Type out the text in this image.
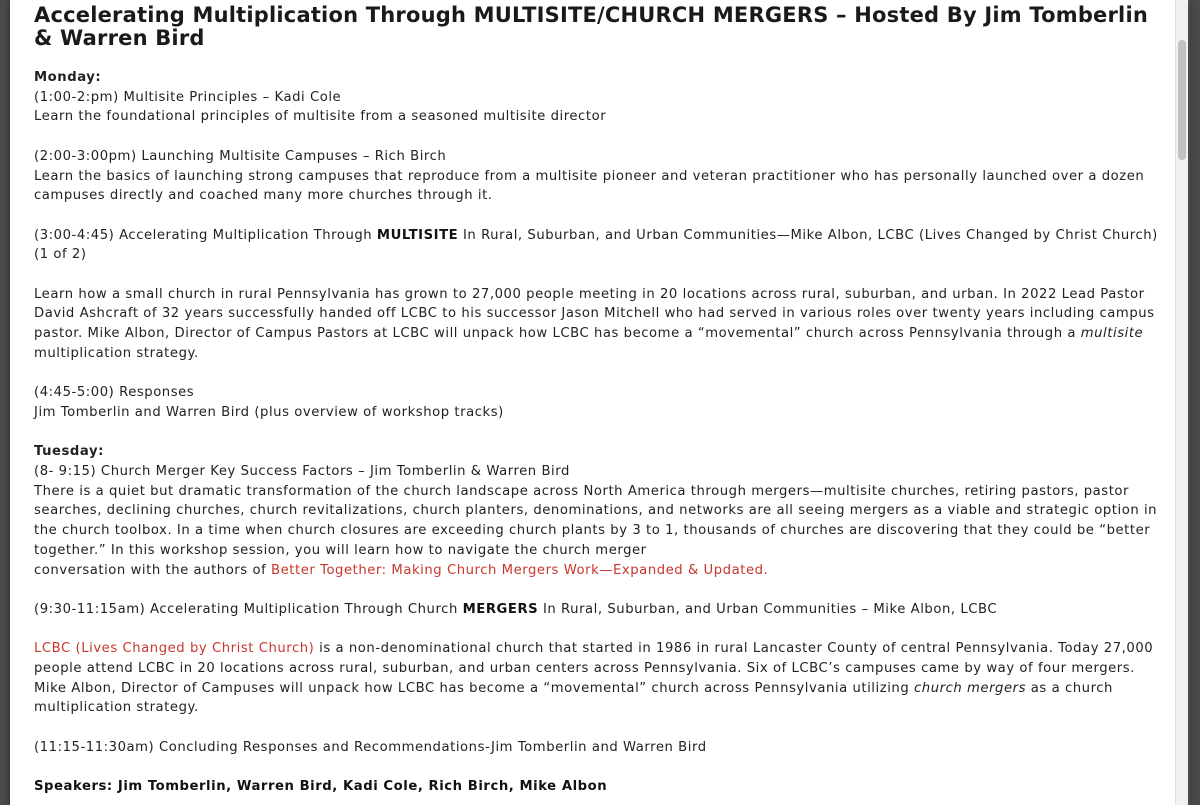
Accelerating Multiplication Through MULTISITE/CHURCH MERGERS – Hosted By Jim Tomberlin & Warren Bird

Monday:

(1:00-2:pm) Multisite Principles – Kadi Cole

Learn the foundational principles of multisite from a seasoned multisite director

(2:00-3:00pm) Launching Multisite Campuses – Rich Birch

Learn the basics of launching strong campuses that reproduce from a multisite pioneer and veteran practitioner who has personally launched over a dozen campuses directly and coached many more churches through it.

(3:00-4:45) Accelerating Multiplication Through MULTISITE In Rural, Suburban, and Urban Communities—Mike Albon, LCBC (Lives Changed by Christ Church) (1 of 2)

Learn how a small church in rural Pennsylvania has grown to 27,000 people meeting in 20 locations across rural, suburban, and urban. In 2022 Lead Pastor David Ashcraft of 32 years successfully handed off LCBC to his successor Jason Mitchell who had served in various roles over twenty years including campus pastor. Mike Albon, Director of Campus Pastors at LCBC will unpack how LCBC has become a “movemental” church across Pennsylvania through a multisite multiplication strategy.

(4:45-5:00) Responses

Jim Tomberlin and Warren Bird (plus overview of workshop tracks)

Tuesday:

(8- 9:15) Church Merger Key Success Factors – Jim Tomberlin & Warren Bird

There is a quiet but dramatic transformation of the church landscape across North America through mergers—multisite churches, retiring pastors, pastor searches, declining churches, church revitalizations, church planters, denominations, and networks are all seeing mergers as a viable and strategic option in the church toolbox. In a time when church closures are exceeding church plants by 3 to 1, thousands of churches are discovering that they could be “better together.” In this workshop session, you will learn how to navigate the church merger

conversation with the authors of Better Together: Making Church Mergers Work—Expanded & Updated.

(9:30-11:15am) Accelerating Multiplication Through Church MERGERS In Rural, Suburban, and Urban Communities – Mike Albon, LCBC

LCBC (Lives Changed by Christ Church) is a non-denominational church that started in 1986 in rural Lancaster County of central Pennsylvania. Today 27,000 people attend LCBC in 20 locations across rural, suburban, and urban centers across Pennsylvania. Six of LCBC’s campuses came by way of four mergers. Mike Albon, Director of Campuses will unpack how LCBC has become a “movemental” church across Pennsylvania utilizing church mergers as a church multiplication strategy.

(11:15-11:30am) Concluding Responses and Recommendations-Jim Tomberlin and Warren Bird

Speakers: Jim Tomberlin, Warren Bird, Kadi Cole, Rich Birch, Mike Albon
